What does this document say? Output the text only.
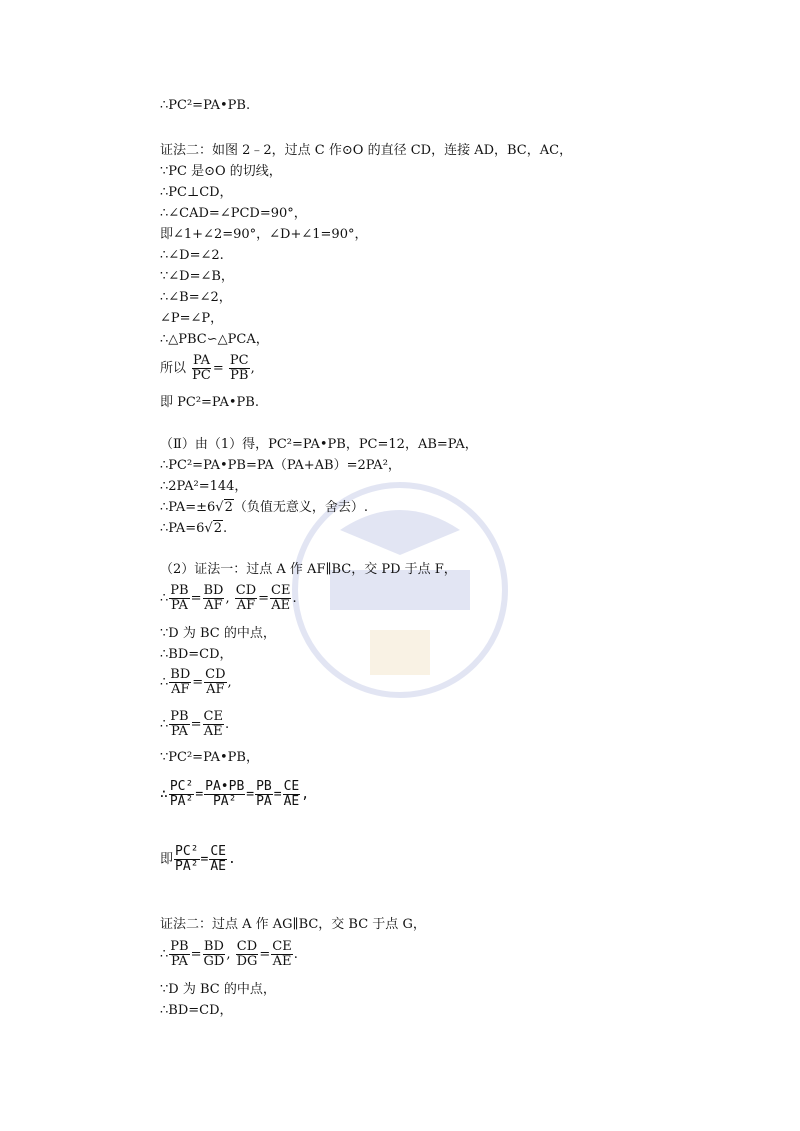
∴PC²=PA•PB.
证法二：如图 2﹣2，过点 C 作⊙O 的直径 CD，连接 AD，BC，AC，
∵PC 是⊙O 的切线，
∴PC⊥CD，
∴∠CAD=∠PCD=90°，
即∠1+∠2=90°，∠D+∠1=90°，
∴∠D=∠2.
∵∠D=∠B，
∴∠B=∠2，
∠P=∠P，
∴△PBC∽△PCA，
所以 $\frac{PA}{PC} = \frac{PC}{PB}$ ,
即 PC²=PA•PB.
（Ⅱ）由（1）得，PC²=PA•PB，PC=12，AB=PA，
∴PC²=PA•PB=PA（PA+AB）=2PA²，
∴2PA²=144，
∴PA=±6√2（负值无意义，舍去）.
∴PA=6√2.
（2）证法一：过点 A 作 AF∥BC，交 PD 于点 F，
∴ $\frac{PB}{PA} = \frac{BD}{AF}$ , $\frac{CD}{AF} = \frac{CE}{AE}$ .
∵D 为 BC 的中点，
∴BD=CD，
∴ $\frac{BD}{AF} = \frac{CD}{AF}$ ,
∴ $\frac{PB}{PA} = \frac{CE}{AE}$ .
∵PC²=PA•PB，
∴ $\frac{\text{PC²}}{\text{PA²}} = \frac{PA•PB}{\text{PA²}} = \frac{PB}{PA} = \frac{CE}{AE}$ ,
即 $\frac{\text{PC²}}{\text{PA²}} = \frac{CE}{AE}$ .
证法二：过点 A 作 AG∥BC，交 BC 于点 G，
∴ $\frac{PB}{PA} = \frac{BD}{GD}$ , $\frac{CD}{DG} = \frac{CE}{AE}$ .
∵D 为 BC 的中点，
∴BD=CD，
